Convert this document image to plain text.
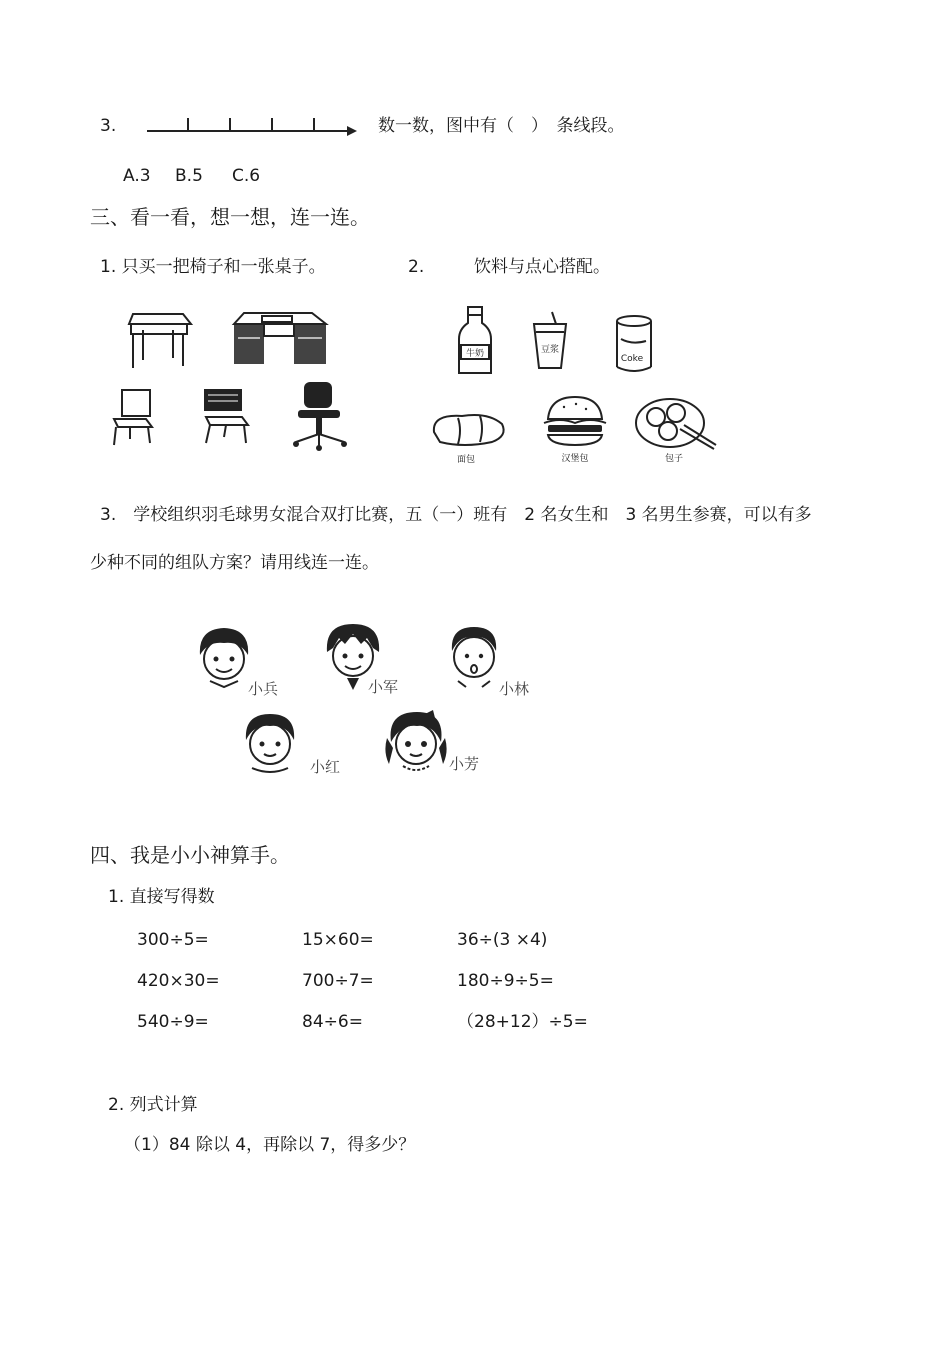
3.	数一数，图中有（　）　条线段。
A.3 B.5 C.6
三、看一看，想一想，连一连。
1. 只买一把椅子和一张桌子。	2.	饮料与点心搭配。
牛奶	豆浆
Coke
面包	汉堡包	包子
3.　学校组织羽毛球男女混合双打比赛，五（一）班有　2 名女生和　3 名男生参赛，可以有多
少种不同的组队方案？请用线连一连。
小兵	小军	小林
小红	小芳
四、我是小小神算手。
1. 直接写得数
300÷5=	15×60=	36÷(3 ×4)
420×30=	700÷7=	180÷9÷5=
540÷9=	84÷6=	（28+12）÷5=
2. 列式计算
（1）84 除以 4，再除以 7，得多少？
